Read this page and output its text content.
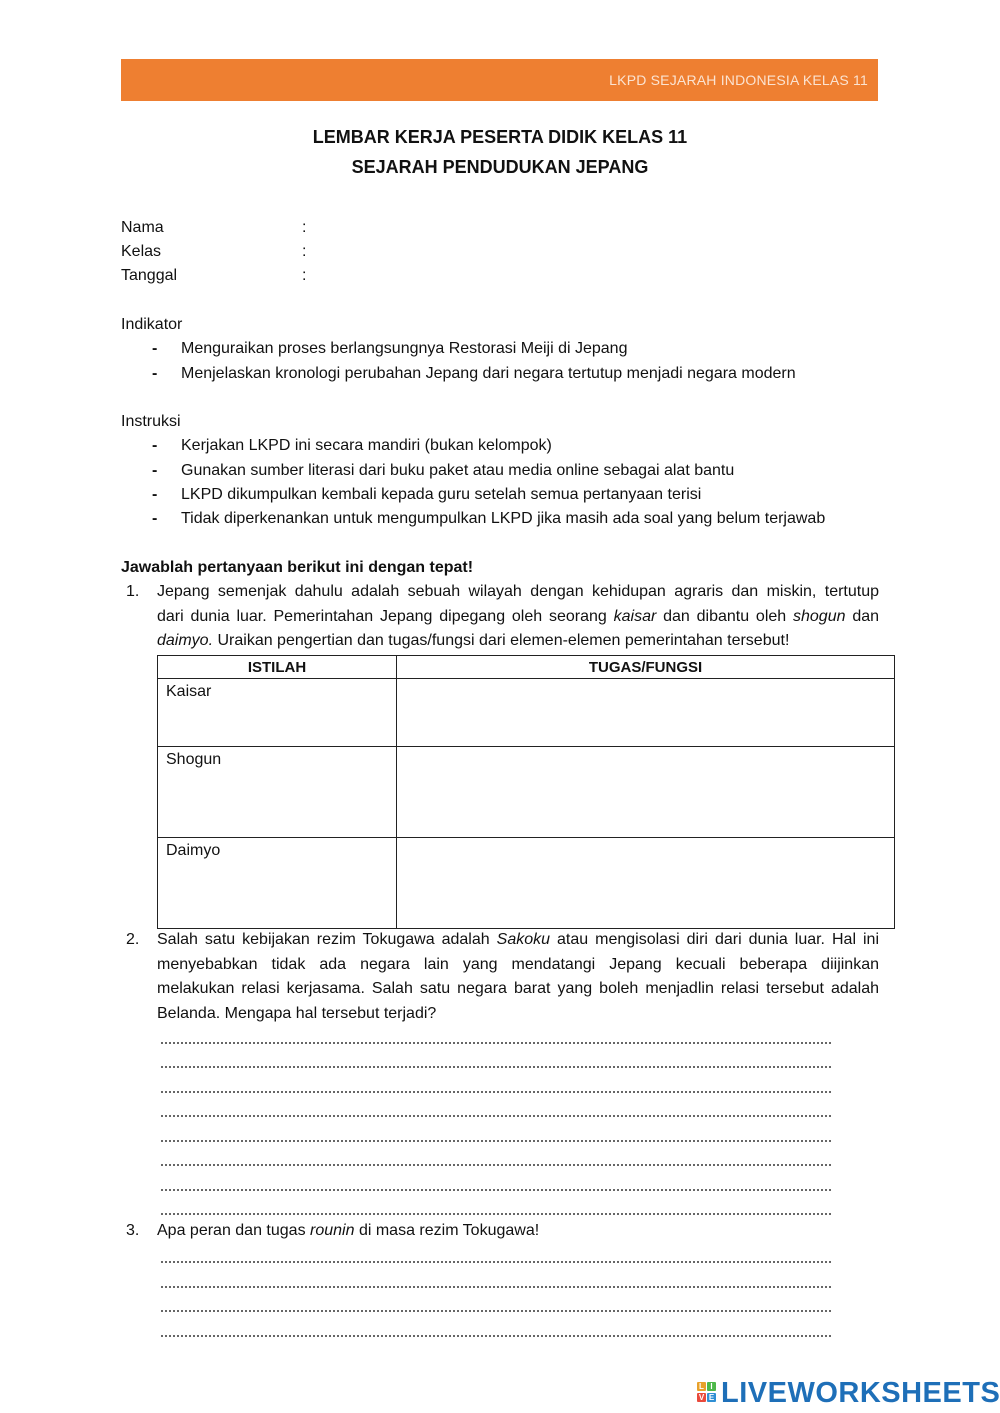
LKPD SEJARAH INDONESIA KELAS 11
LEMBAR KERJA PESERTA DIDIK KELAS 11
SEJARAH PENDUDUKAN JEPANG
Nama	:
Kelas	:
Tanggal	:
Indikator
- Menguraikan proses berlangsungnya Restorasi Meiji di Jepang
- Menjelaskan kronologi perubahan Jepang dari negara tertutup menjadi negara modern
Instruksi
- Kerjakan LKPD ini secara mandiri (bukan kelompok)
- Gunakan sumber literasi dari buku paket atau media online sebagai alat bantu
- LKPD dikumpulkan kembali kepada guru setelah semua pertanyaan terisi
- Tidak diperkenankan untuk mengumpulkan LKPD jika masih ada soal yang belum terjawab
Jawablah pertanyaan berikut ini dengan tepat!
1. Jepang semenjak dahulu adalah sebuah wilayah dengan kehidupan agraris dan miskin, tertutup
dari dunia luar. Pemerintahan Jepang dipegang oleh seorang kaisar dan dibantu oleh shogun dan
daimyo. Uraikan pengertian dan tugas/fungsi dari elemen-elemen pemerintahan tersebut!
ISTILAH	TUGAS/FUNGSI
Kaisar	
Shogun	
Daimyo	
2. Salah satu kebijakan rezim Tokugawa adalah Sakoku atau mengisolasi diri dari dunia luar. Hal ini
menyebabkan tidak ada negara lain yang mendatangi Jepang kecuali beberapa diijinkan
melakukan relasi kerjasama. Salah satu negara barat yang boleh menjadlin relasi tersebut adalah
Belanda. Mengapa hal tersebut terjadi?
3. Apa peran dan tugas rounin di masa rezim Tokugawa!
L I
V E LIVEWORKSHEETS
